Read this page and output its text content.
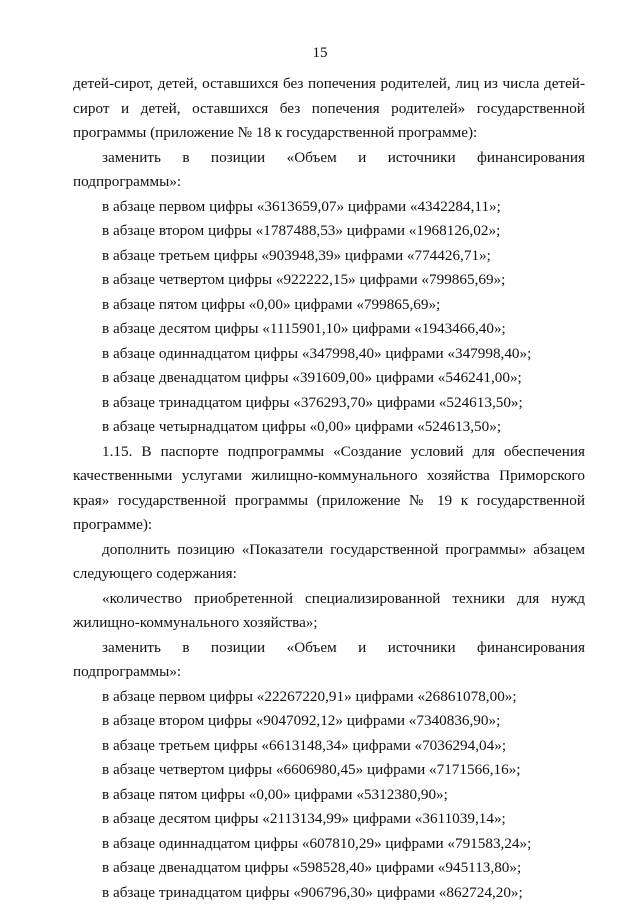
15

детей-сирот, детей, оставшихся без попечения родителей, лиц из числа детей-сирот и детей, оставшихся без попечения родителей» государственной программы (приложение № 18 к государственной программе):

заменить в позиции «Объем и источники финансирования подпрограммы»:

в абзаце первом цифры «3613659,07» цифрами «4342284,11»;

в абзаце втором цифры «1787488,53» цифрами «1968126,02»;

в абзаце третьем цифры «903948,39» цифрами «774426,71»;

в абзаце четвертом цифры «922222,15» цифрами «799865,69»;

в абзаце пятом цифры «0,00» цифрами «799865,69»;

в абзаце десятом цифры «1115901,10» цифрами «1943466,40»;

в абзаце одиннадцатом цифры «347998,40» цифрами «347998,40»;

в абзаце двенадцатом цифры «391609,00» цифрами «546241,00»;

в абзаце тринадцатом цифры «376293,70» цифрами «524613,50»;

в абзаце четырнадцатом цифры «0,00» цифрами «524613,50»;

1.15. В паспорте подпрограммы «Создание условий для обеспечения качественными услугами жилищно-коммунального хозяйства Приморского края» государственной программы (приложение № 19 к государственной программе):

дополнить позицию «Показатели государственной программы» абзацем следующего содержания:

«количество приобретенной специализированной техники для нужд жилищно-коммунального хозяйства»;

заменить в позиции «Объем и источники финансирования подпрограммы»:

в абзаце первом цифры «22267220,91» цифрами «26861078,00»;

в абзаце втором цифры «9047092,12» цифрами «7340836,90»;

в абзаце третьем цифры «6613148,34» цифрами «7036294,04»;

в абзаце четвертом цифры «6606980,45» цифрами «7171566,16»;

в абзаце пятом цифры «0,00» цифрами «5312380,90»;

в абзаце десятом цифры «2113134,99» цифрами «3611039,14»;

в абзаце одиннадцатом цифры «607810,29» цифрами «791583,24»;

в абзаце двенадцатом цифры «598528,40» цифрами «945113,80»;

в абзаце тринадцатом цифры «906796,30» цифрами «862724,20»;
